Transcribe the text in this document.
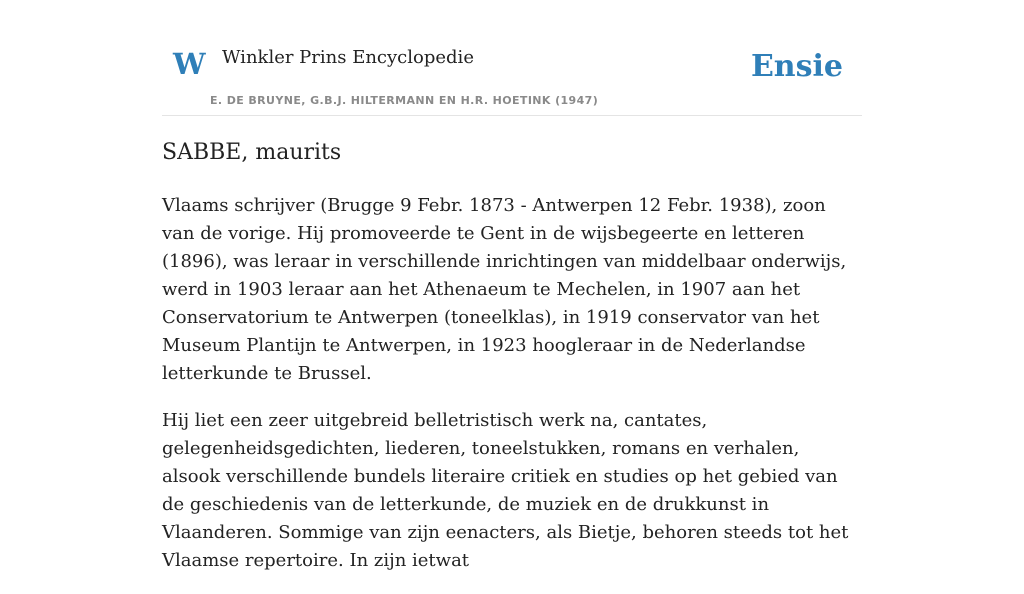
W Winkler Prins Encyclopedie
E. DE BRUYNE, G.B.J. HILTERMANN EN H.R. HOETINK (1947)
Ensie
SABBE, maurits

Vlaams schrijver (Brugge 9 Febr. 1873 - Antwerpen 12 Febr. 1938), zoon van de vorige. Hij promoveerde te Gent in de wijsbegeerte en letteren (1896), was leraar in verschillende inrichtingen van middelbaar onderwijs, werd in 1903 leraar aan het Athenaeum te Mechelen, in 1907 aan het Conservatorium te Antwerpen (toneelklas), in 1919 conservator van het Museum Plantijn te Antwerpen, in 1923 hoogleraar in de Nederlandse letterkunde te Brussel.

Hij liet een zeer uitgebreid belletristisch werk na, cantates, gelegenheidsgedichten, liederen, toneelstukken, romans en verhalen, alsook verschillende bundels literaire critiek en studies op het gebied van de geschiedenis van de letterkunde, de muziek en de drukkunst in Vlaanderen. Sommige van zijn eenacters, als Bietje, behoren steeds tot het Vlaamse repertoire. In zijn ietwat
